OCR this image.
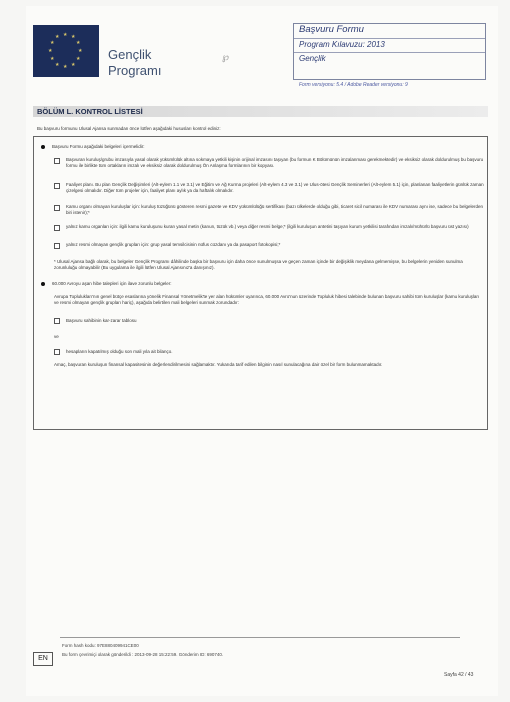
★ ★
★
★
★
★
★
★
★
★
★
★
Gençlik
Programı
℘
Başvuru Formu
Program Kılavuzu: 2013
Gençlik
Form versiyonu: 5.4 / Adobe Reader versiyonu: 9
BÖLÜM L. KONTROL LİSTESİ
Bu başvuru formunu Ulusal Ajansa sunmadan önce lütfen aşağıdaki hususları kontrol ediniz:
Başvuru Formu aşağıdaki belgeleri içermelidir:
Başvuran kuruluş/grubu imzasıyla yasal olarak yükümlülük altına sokmaya yetkili kişinin orijinal imzasını taşıyan (bu formun K Bölümünün imzalanması gerekmektedir) ve eksiksiz olarak doldurulmuş bu başvuru formu ile birlikte tüm ortakların imzalı ve eksiksiz olarak doldurulmuş Ön Anlaşma formlarının bir kopyası.
Faaliyet planı. Bu plan Gençlik Değişimleri (Alt-eylem 1.1 ve 3.1) ve Eğitim ve Ağ Kurma projeleri (Alt-eylem 4.3 ve 3.1) ve Ulus-ötesi Gençlik Seminerleri (Alt-eylem 5.1) için, planlanan faaliyetlerin günlük zaman çizelgesi olmalıdır. Diğer tüm projeler için, faaliyet planı aylık ya da haftalık olmalıdır.
Kamu organı olmayan kuruluşlar için: kuruluş tüzüğünü gösteren resmi gazete ve KDV yükümlülüğü sertifikası (bazı ülkelerde olduğu gibi, ticaret sicil numarası ile KDV numarası aynı ise, sadece bu belgelerden biri istenir);*
yalnız kamu organları için: ilgili kamu kuruluşunu kuran yasal metin (kanun, tüzük vb.) veya diğer resmi belge;* (ilgili kuruluşun antetini taşıyan kurum yetkilisi tarafından imzalı/mühürlü başvuru üst yazısı)
yalnız resmi olmayan gençlik grupları için: grup yasal temsilcisinin nüfus cüzdanı ya da pasaport fotokopisi;*
* Ulusal Ajansa bağlı olarak, bu belgeler Gençlik Programı dâhilinde başka bir başvuru için daha önce sunulmuşsa ve geçen zaman içinde bir değişiklik meydana gelmemişse, bu belgelerin yeniden sunulma zorunluluğu olmayabilir (Bu uygulama ile ilgili lütfen Ulusal Ajansınız'a danışınız).
60.000 Avroyu aşan hibe talepleri için ilave zorunlu belgeler:
Avrupa Toplulukları'nın genel bütçe esaslarına yönelik Finansal Yönetmelik'te yer alan hükümler uyarınca, 60.000 Avro'nun üzerinde Topluluk hibesi talebinde bulunan başvuru sahibi tüm kuruluşlar (kamu kuruluşları ve resmi olmayan gençlik grupları hariç), aşağıda belirtilen mali belgeleri sunmak zorundadır:
Başvuru sahibinin kar-zarar tablosu
ve
hesapların kapatılmış olduğu son mali yıla ait bilanço.
Amaç, başvuran kuruluşun finansal kapasitesinin değerlendirilmesini sağlamaktır. Yukarıda tarif edilen bilginin nasıl sunulacağına dair özel bir form bulunmamaktadır.
EN
Form hash kodu: 97E880409941CE00
Bu form çevrimiçi olarak gönderildi : 2013-09-28 15:22:59. Gönderim ID: 690740.
Sayfa 42 / 43
